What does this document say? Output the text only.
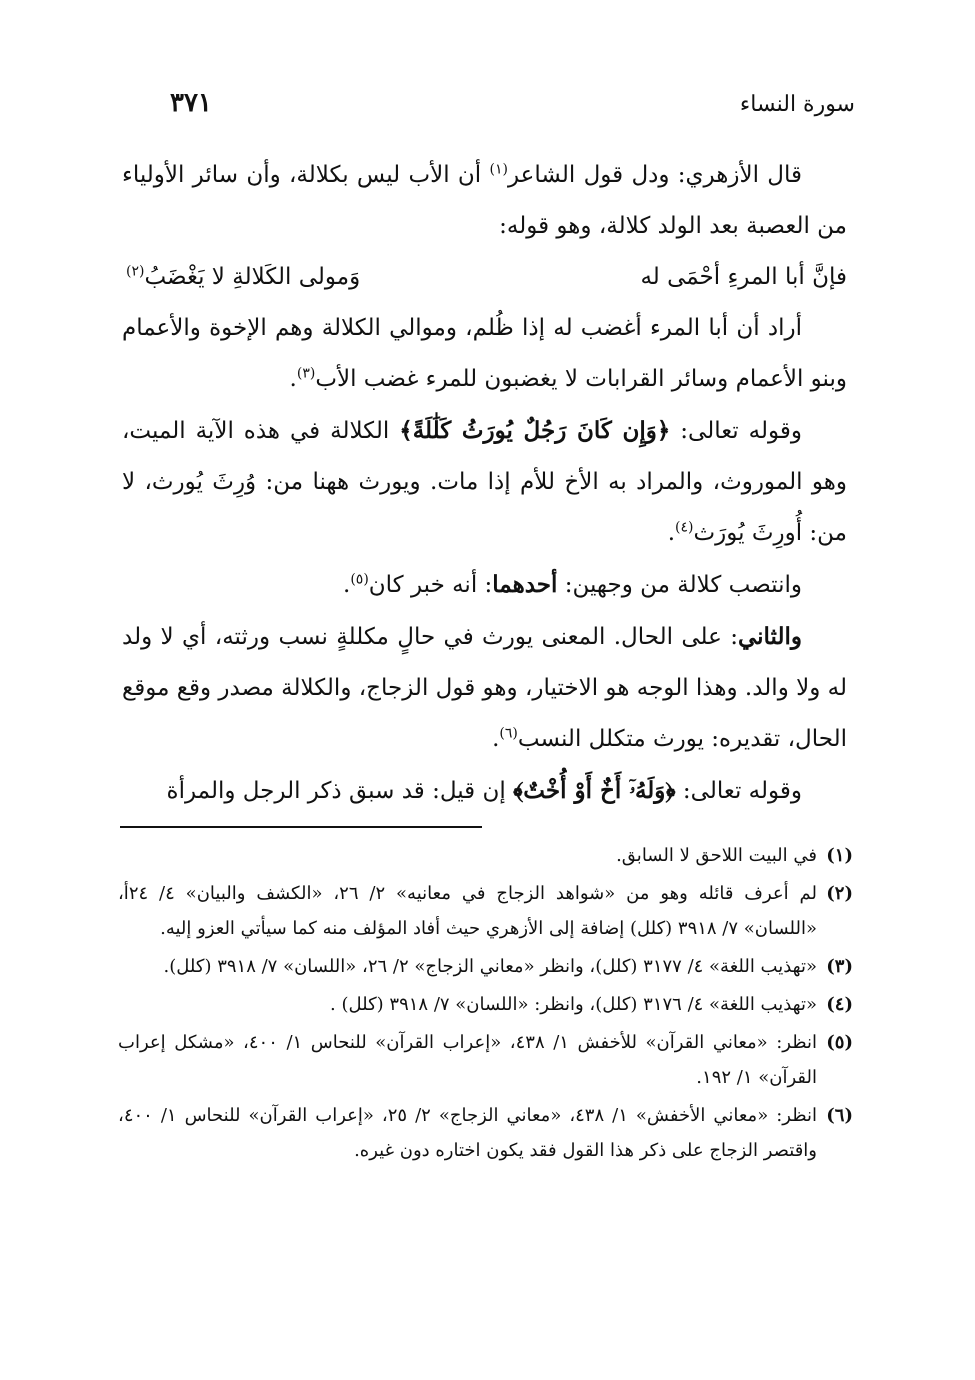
سورة النساء
٣٧١

قال الأزهري: ودل قول الشاعر$^{(١)}$ أن الأب ليس بكلالة، وأن سائر الأولياء من العصبة بعد الولد كلالة، وهو قوله:

فإنَّ أبا المرءِ أحْمَى له
وَمولى الكَلالةِ لا يَغْضَبُ$^{(٢)}$

أراد أن أبا المرء أغضب له إذا ظُلم، وموالي الكلالة وهم الإخوة والأعمام وبنو الأعمام وسائر القرابات لا يغضبون للمرء غضب الأب$^{(٣)}$.

وقوله تعالى: ﴿وَإِن كَانَ رَجُلٌ يُورَثُ كَلَٰلَةً﴾ الكلالة في هذه الآية الميت، وهو الموروث، والمراد به الأخ للأم إذا مات. ويورث ههنا من: وُرِثَ يُورث، لا من: أُورِثَ يُورَث$^{(٤)}$.

وانتصب كلالة من وجهين: أحدهما: أنه خبر كان$^{(٥)}$.

والثاني: على الحال. المعنى يورث في حالٍ مكللةٍ نسب ورثته، أي لا ولد له ولا والد. وهذا الوجه هو الاختيار، وهو قول الزجاج، والكلالة مصدر وقع موقع الحال، تقديره: يورث متكلل النسب$^{(٦)}$.

وقوله تعالى: ﴿وَلَهُۥٓ أَخٌ أَوْ أُخْتٌ﴾ إن قيل: قد سبق ذكر الرجل والمرأة

(١)
في البيت اللاحق لا السابق.
(٢)
لم أعرف قائله وهو من «شواهد الزجاج في معانيه» ٢/ ٢٦، «الكشف والبيان» ٤/ ٢٤أ، «اللسان» ٧/ ٣٩١٨ (كلل) إضافة إلى الأزهري حيث أفاد المؤلف منه كما سيأتي العزو إليه.
(٣)
«تهذيب اللغة» ٤/ ٣١٧٧ (كلل)، وانظر «معاني الزجاج» ٢/ ٢٦، «اللسان» ٧/ ٣٩١٨ (كلل).
(٤)
«تهذيب اللغة» ٤/ ٣١٧٦ (كلل)، وانظر: «اللسان» ٧/ ٣٩١٨ (كلل) .
(٥)
انظر: «معاني القرآن» للأخفش ١/ ٤٣٨، «إعراب القرآن» للنحاس ١/ ٤٠٠، «مشكل إعراب القرآن» ١/ ١٩٢.
(٦)
انظر: «معاني الأخفش» ١/ ٤٣٨، «معاني الزجاج» ٢/ ٢٥، «إعراب القرآن» للنحاس ١/ ٤٠٠، واقتصر الزجاج على ذكر هذا القول فقد يكون اختاره دون غيره.
